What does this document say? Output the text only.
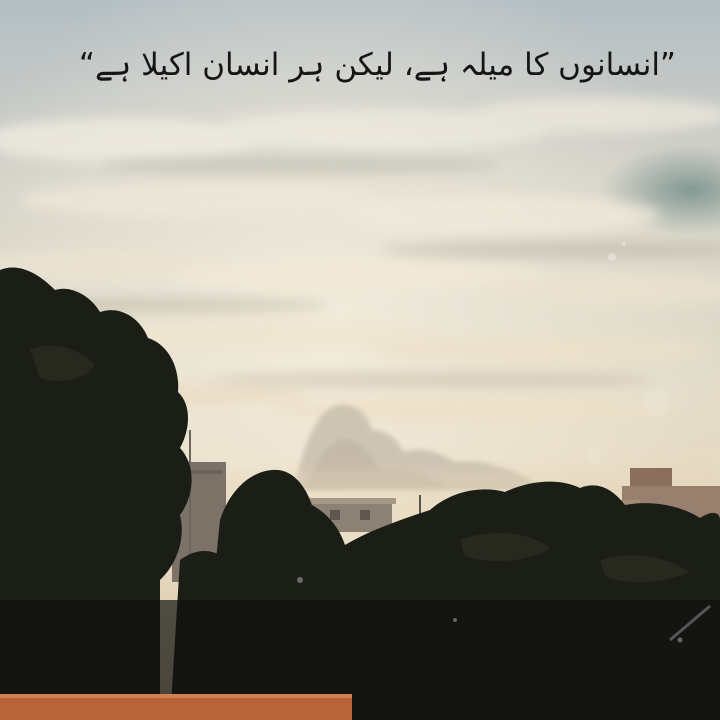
”انسانوں کا میلہ ہے، لیکن ہر انسان اکیلا ہے“
